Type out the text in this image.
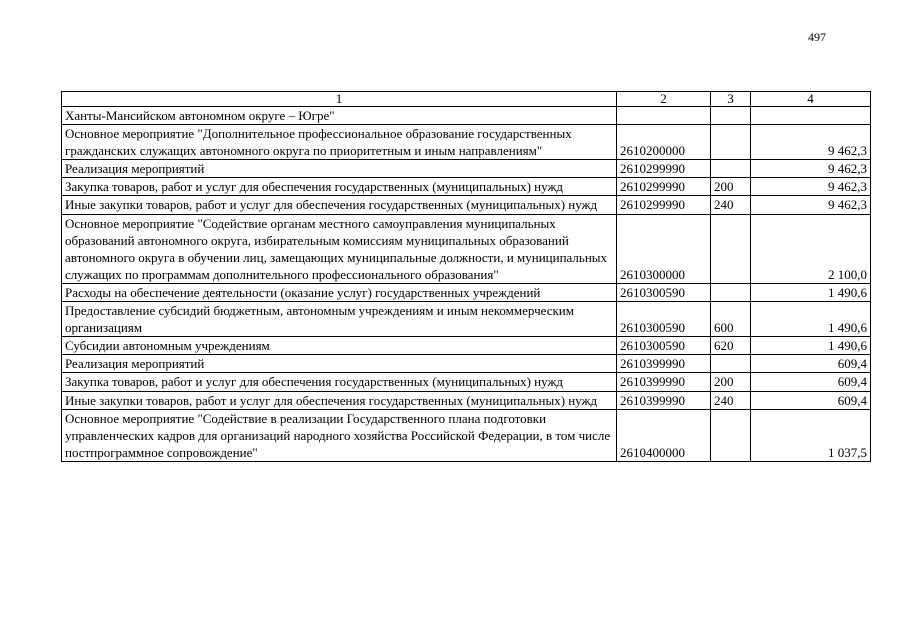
497
1	2	3	4
Ханты-Мансийском автономном округе – Югре"			
Основное мероприятие "Дополнительное профессиональное образование государственных гражданских служащих автономного округа по приоритетным и иным направлениям"	2610200000		9 462,3
Реализация мероприятий	2610299990		9 462,3
Закупка товаров, работ и услуг для обеспечения государственных (муниципальных) нужд	2610299990	200	9 462,3
Иные закупки товаров, работ и услуг для обеспечения государственных (муниципальных) нужд	2610299990	240	9 462,3
Основное мероприятие "Содействие органам местного самоуправления муниципальных образований автономного округа, избирательным комиссиям муниципальных образований автономного округа в обучении лиц, замещающих муниципальные должности, и муниципальных служащих по программам дополнительного профессионального образования"	2610300000		2 100,0
Расходы на обеспечение деятельности (оказание услуг) государственных учреждений	2610300590		1 490,6
Предоставление субсидий бюджетным, автономным учреждениям и иным некоммерческим организациям	2610300590	600	1 490,6
Субсидии автономным учреждениям	2610300590	620	1 490,6
Реализация мероприятий	2610399990		609,4
Закупка товаров, работ и услуг для обеспечения государственных (муниципальных) нужд	2610399990	200	609,4
Иные закупки товаров, работ и услуг для обеспечения государственных (муниципальных) нужд	2610399990	240	609,4
Основное мероприятие "Содействие в реализации Государственного плана подготовки управленческих кадров для организаций народного хозяйства Российской Федерации, в том числе постпрограммное сопровождение"	2610400000		1 037,5
